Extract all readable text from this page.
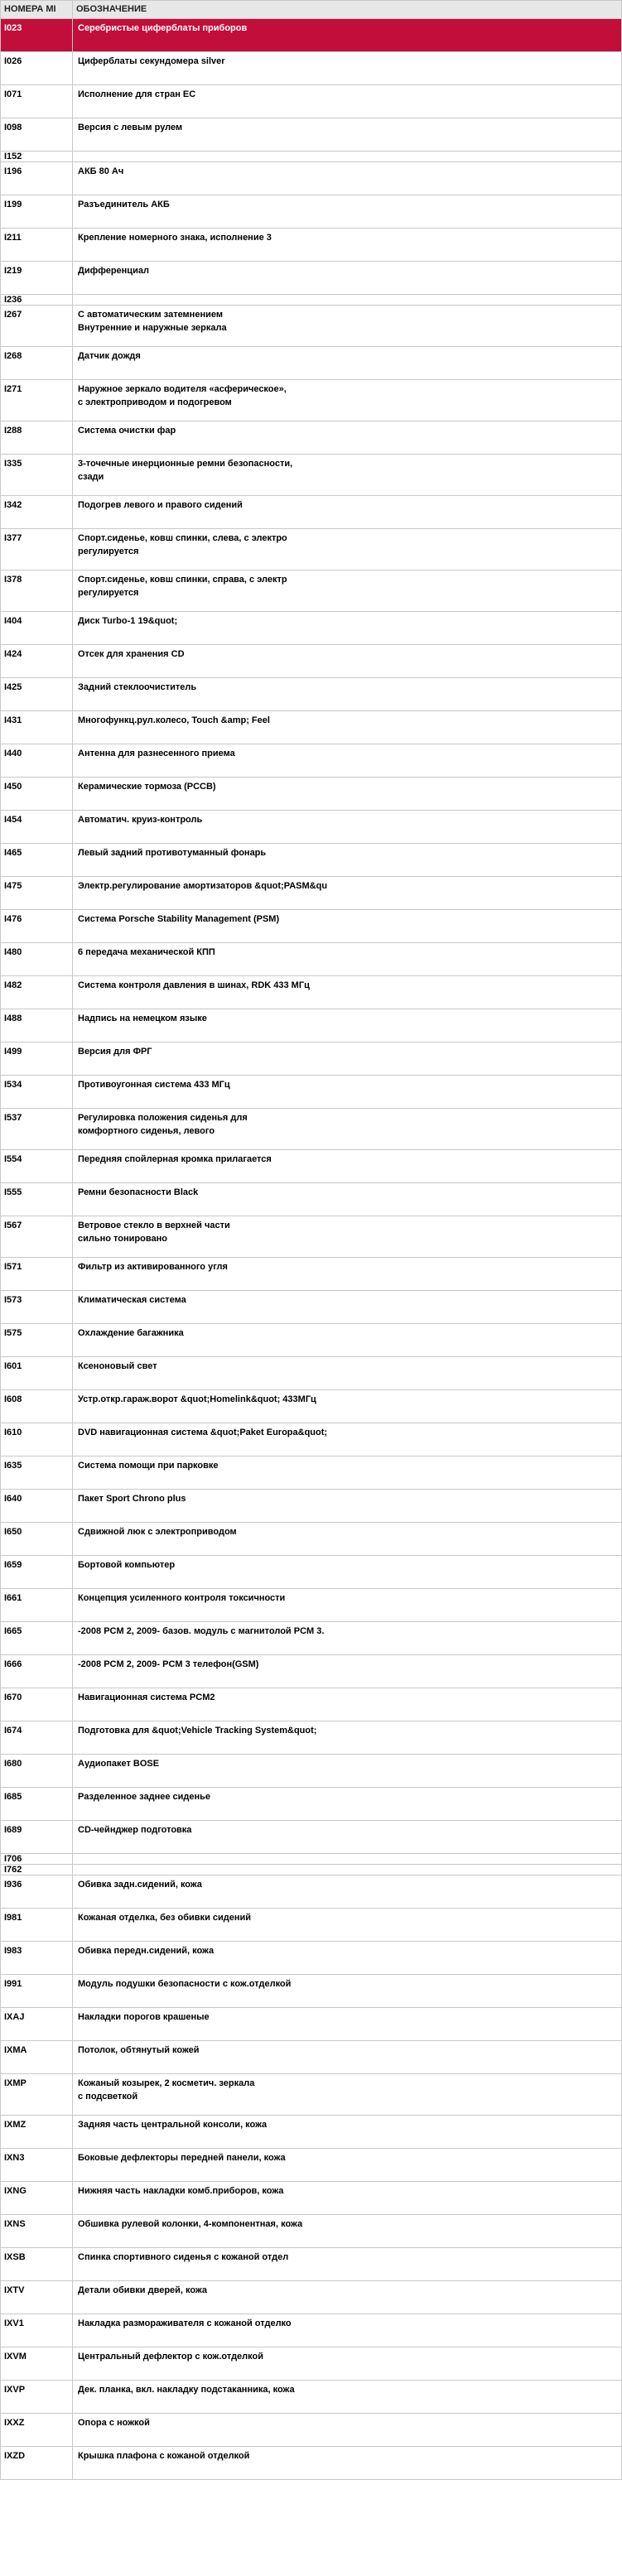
НОМЕРА МІ	ОБОЗНАЧЕНИЕ
I023	Серебристые циферблаты приборов
I026	Циферблаты секундомера silver
I071	Исполнение для стран ЕС
I098	Версия с левым рулем
I152	
I196	АКБ 80 Ач
I199	Разъединитель АКБ
I211	Крепление номерного знака, исполнение 3
I219	Дифференциал
I236	
I267	С автоматическим затемнением
Внутренние и наружные зеркала
I268	Датчик дождя
I271	Наружное зеркало водителя «асферическое»,
с электроприводом и подогревом
I288	Система очистки фар
I335	3-точечные инерционные ремни безопасности,
сзади
I342	Подогрев левого и правого сидений
I377	Спорт.сиденье, ковш спинки, слева, с электро
регулируется
I378	Спорт.сиденье, ковш спинки, справа, с электр
регулируется
I404	Диск Turbo-1 19&quot;
I424	Отсек для хранения CD
I425	Задний стеклоочиститель
I431	Многофункц.рул.колесо, Touch &amp; Feel
I440	Антенна для разнесенного приема
I450	Керамические тормоза (PCCB)
I454	Автоматич. круиз-контроль
I465	Левый задний противотуманный фонарь
I475	Электр.регулирование амортизаторов &quot;PASM&qu
I476	Система Porsche Stability Management (PSM)
I480	6 передача механической КПП
I482	Система контроля давления в шинах, RDK 433 МГц
I488	Надпись на немецком языке
I499	Версия для ФРГ
I534	Противоугонная система 433 МГц
I537	Регулировка положения сиденья для
комфортного сиденья, левого
I554	Передняя спойлерная кромка прилагается
I555	Ремни безопасности Black
I567	Ветровое стекло в верхней части
сильно тонировано
I571	Фильтр из активированного угля
I573	Климатическая система
I575	Охлаждение багажника
I601	Ксеноновый свет
I608	Устр.откр.гараж.ворот &quot;Homelink&quot; 433МГц
I610	DVD навигационная система &quot;Paket Europa&quot;
I635	Система помощи при парковке
I640	Пакет Sport Chrono plus
I650	Сдвижной люк с электроприводом
I659	Бортовой компьютер
I661	Концепция усиленного контроля токсичности
I665	-2008 PCM 2, 2009- базов. модуль с магнитолой PCM 3.
I666	-2008 PCM 2, 2009- PCM 3 телефон(GSM)
I670	Навигационная система PCM2
I674	Подготовка для &quot;Vehicle Tracking System&quot;
I680	Аудиопакет BOSE
I685	Разделенное заднее сиденье
I689	CD-чейнджер подготовка
I706	
I762	
I936	Обивка задн.сидений, кожа
I981	Кожаная отделка, без обивки сидений
I983	Обивка передн.сидений, кожа
I991	Модуль подушки безопасности с кож.отделкой
IXAJ	Накладки порогов крашеные
IXMA	Потолок, обтянутый кожей
IXMP	Кожаный козырек, 2 косметич. зеркала
с подсветкой
IXMZ	Задняя часть центральной консоли, кожа
IXN3	Боковые дефлекторы передней панели, кожа
IXNG	Нижняя часть накладки комб.приборов, кожа
IXNS	Обшивка рулевой колонки, 4-компонентная, кожа
IXSB	Спинка спортивного сиденья с кожаной отдел
IXTV	Детали обивки дверей, кожа
IXV1	Накладка размораживателя с кожаной отделко
IXVM	Центральный дефлектор с кож.отделкой
IXVP	Дек. планка, вкл. накладку подстаканника, кожа
IXXZ	Опора с ножкой
IXZD	Крышка плафона с кожаной отделкой
